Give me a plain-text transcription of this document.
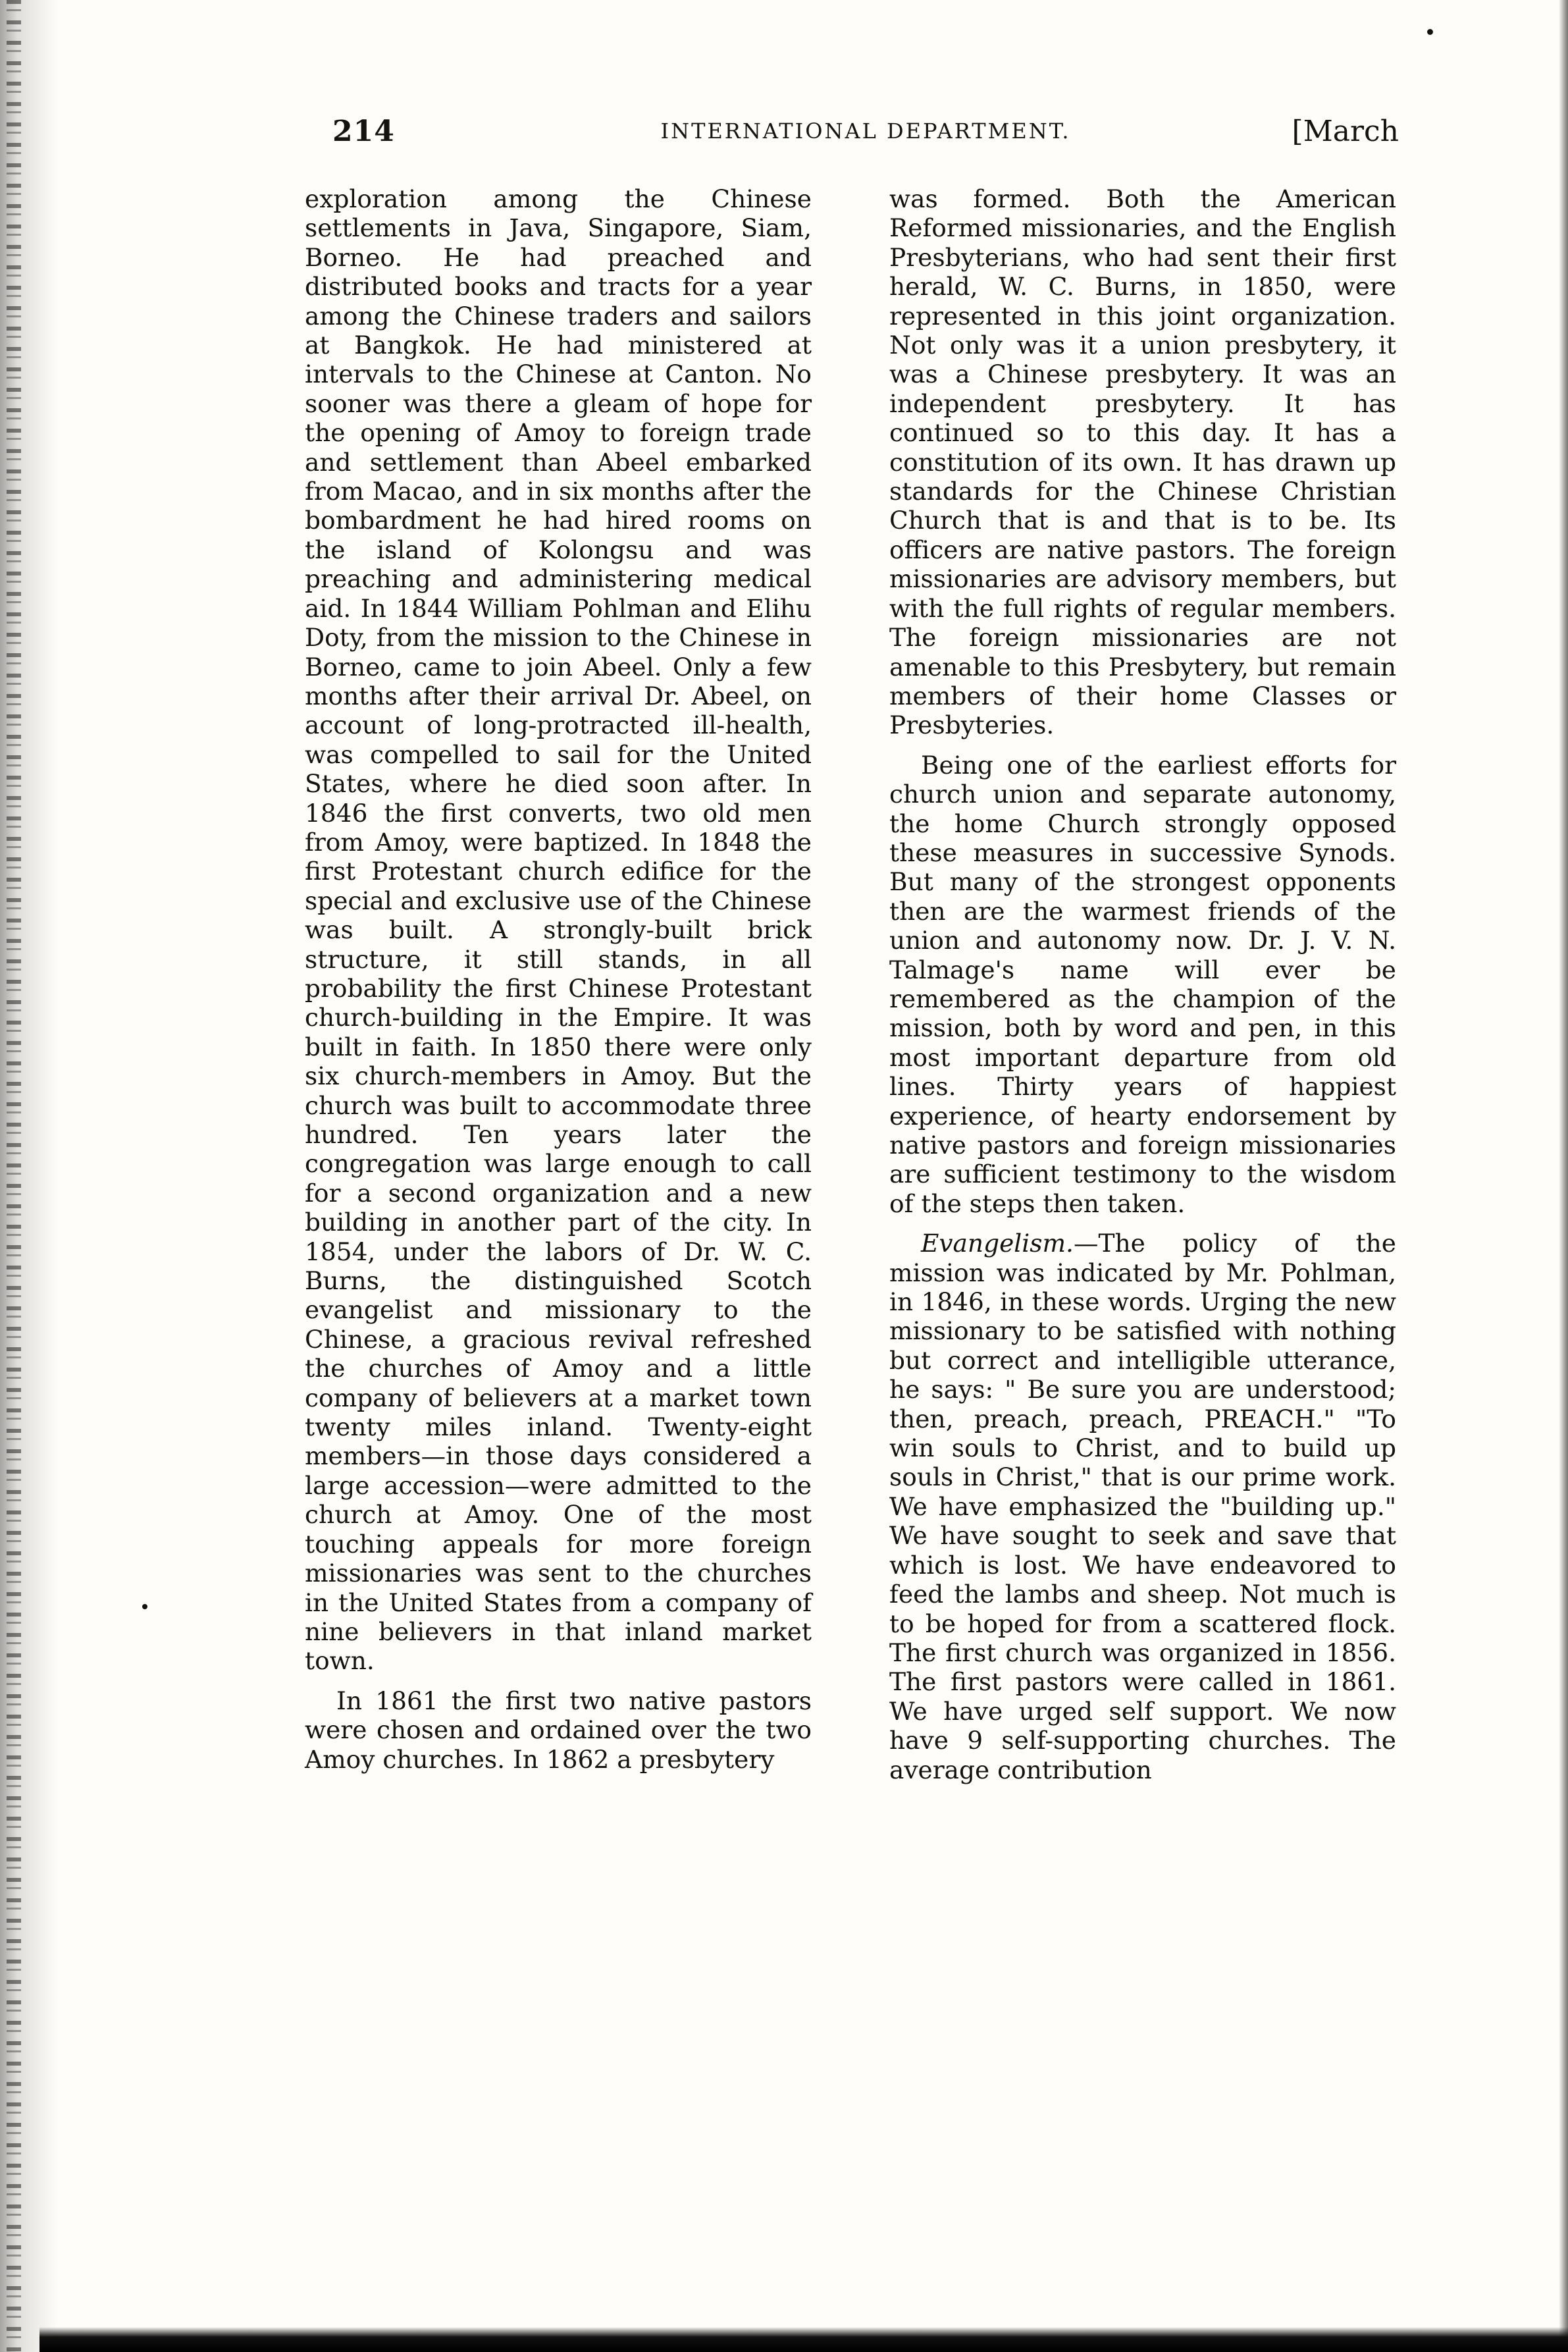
214	INTERNATIONAL DEPARTMENT.	[March

exploration among the Chinese settlements in Java, Singapore, Siam, Borneo. He had preached and distributed books and tracts for a year among the Chinese traders and sailors at Bangkok. He had ministered at intervals to the Chinese at Canton. No sooner was there a gleam of hope for the opening of Amoy to foreign trade and settlement than Abeel embarked from Macao, and in six months after the bombardment he had hired rooms on the island of Kolongsu and was preaching and administering medical aid. In 1844 William Pohlman and Elihu Doty, from the mission to the Chinese in Borneo, came to join Abeel. Only a few months after their arrival Dr. Abeel, on account of long-protracted ill-health, was compelled to sail for the United States, where he died soon after. In 1846 the first converts, two old men from Amoy, were baptized. In 1848 the first Protestant church edifice for the special and exclusive use of the Chinese was built. A strongly-built brick structure, it still stands, in all probability the first Chinese Protestant church-building in the Empire. It was built in faith. In 1850 there were only six church-members in Amoy. But the church was built to accommodate three hundred. Ten years later the congregation was large enough to call for a second organization and a new building in another part of the city. In 1854, under the labors of Dr. W. C. Burns, the distinguished Scotch evangelist and missionary to the Chinese, a gracious revival refreshed the churches of Amoy and a little company of believers at a market town twenty miles inland. Twenty-eight members—in those days considered a large accession—were admitted to the church at Amoy. One of the most touching appeals for more foreign missionaries was sent to the churches in the United States from a company of nine believers in that inland market town.

In 1861 the first two native pastors were chosen and ordained over the two Amoy churches. In 1862 a presbytery

was formed. Both the American Reformed missionaries, and the English Presbyterians, who had sent their first herald, W. C. Burns, in 1850, were represented in this joint organization. Not only was it a union presbytery, it was a Chinese presbytery. It was an independent presbytery. It has continued so to this day. It has a constitution of its own. It has drawn up standards for the Chinese Christian Church that is and that is to be. Its officers are native pastors. The foreign missionaries are advisory members, but with the full rights of regular members. The foreign missionaries are not amenable to this Presbytery, but remain members of their home Classes or Presbyteries.

Being one of the earliest efforts for church union and separate autonomy, the home Church strongly opposed these measures in successive Synods. But many of the strongest opponents then are the warmest friends of the union and autonomy now. Dr. J. V. N. Talmage's name will ever be remembered as the champion of the mission, both by word and pen, in this most important departure from old lines. Thirty years of happiest experience, of hearty endorsement by native pastors and foreign missionaries are sufficient testimony to the wisdom of the steps then taken.

Evangelism.—The policy of the mission was indicated by Mr. Pohlman, in 1846, in these words. Urging the new missionary to be satisfied with nothing but correct and intelligible utterance, he says: " Be sure you are understood; then, preach, preach, PREACH." "To win souls to Christ, and to build up souls in Christ," that is our prime work. We have emphasized the "building up." We have sought to seek and save that which is lost. We have endeavored to feed the lambs and sheep. Not much is to be hoped for from a scattered flock. The first church was organized in 1856. The first pastors were called in 1861. We have urged self support. We now have 9 self-supporting churches. The average contribution
